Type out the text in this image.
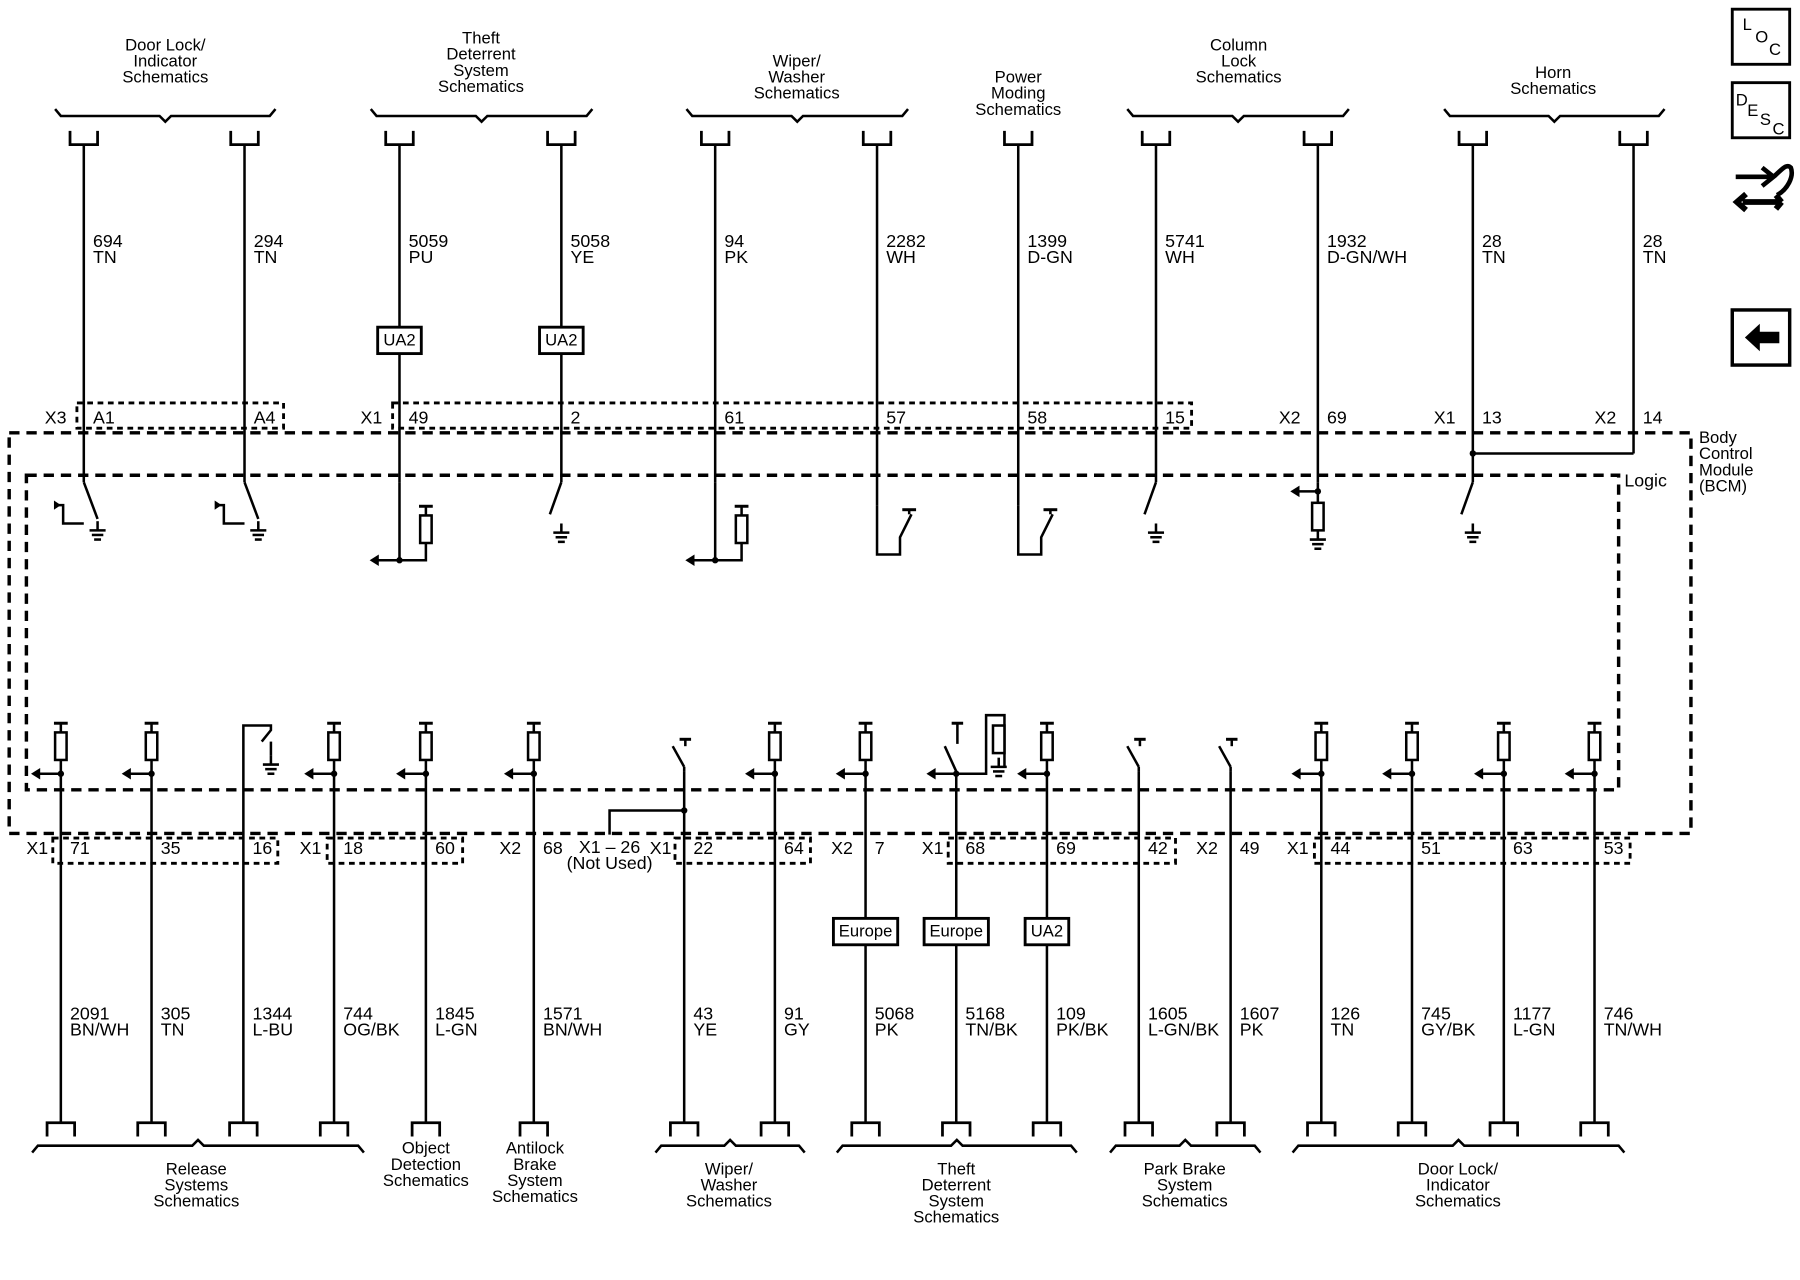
Logic
Body
Control
Module
(BCM)
Door Lock/
Indicator
Schematics
Theft
Deterrent
System
Schematics
Wiper/
Washer
Schematics
Power
Moding
Schematics
Column
Lock
Schematics	Horn
Schematics
694
TN
X3 A1
294
TN
A4
5059
PU
UA2
X1 49
5058
YE
UA2
2
94
PK
61
2282
WH
57
1399
D-GN
58
5741
WH
15
1932
D-GN/WH
X2 69
28
TN
X1 13
28
TN
X2 14
2091
BN/WH
X1 71
305
TN
35
1344
L-BU
16
744
OG/BK
X1 18
1845
L-GN
60
1571
BN/WH
X2 68
43
YE
X1 22
91
GY
64
5068
PK
Europe
X2 7
5168
TN/BK
Europe
X1 68
109
PK/BK
UA2
69
1605
L-GN/BK
42
1607
PK
X2 49
126
TN
X1 44
745
GY/BK
51
1177
L-GN
63
746
TN/WH
53
Release
Systems
Schematics
Object
Detection
Schematics
Antilock
Brake
System
Schematics
Wiper/
Washer
Schematics
Theft
Deterrent
System
Schematics
Park Brake
System
Schematics
Door Lock/
Indicator
Schematics
X1 – 26
(Not Used)
L
O
C
D
E S C
